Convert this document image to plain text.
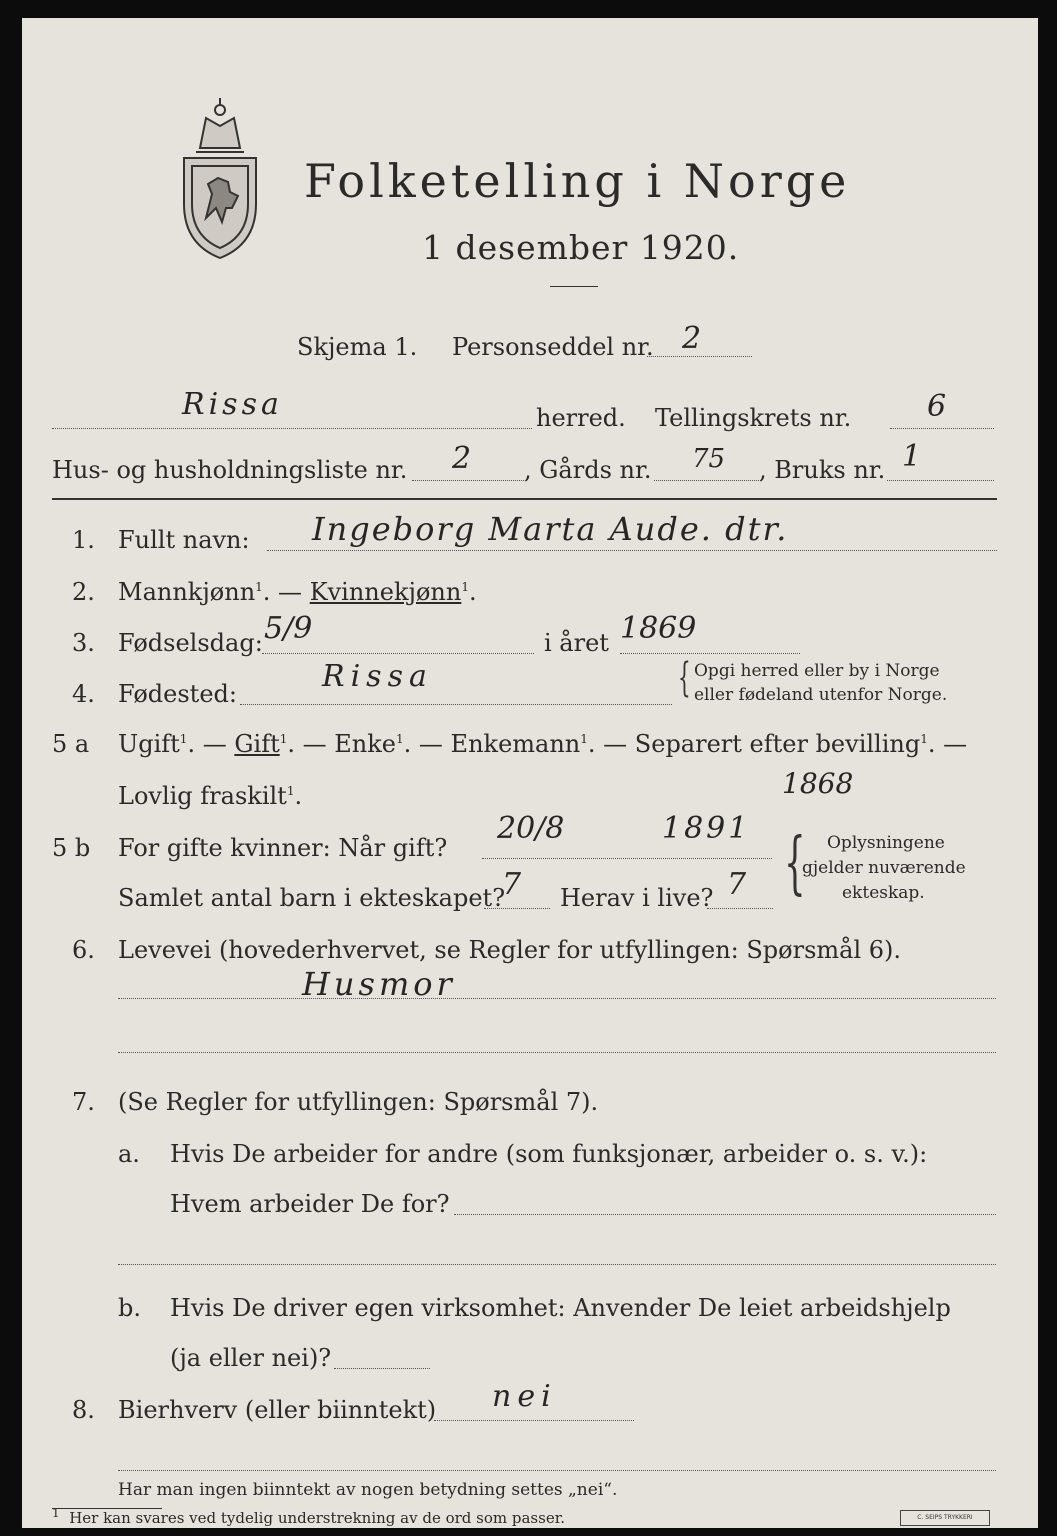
Folketelling i Norge
1 desember 1920.
Skjema 1. Personseddel nr. 2
Rissa	herred. Tellingskrets nr.	6
Hus- og husholdningsliste nr. 2 , Gårds nr. 75 , Bruks nr. 1
1. Fullt navn: Ingeborg Marta Aude. dtr.
2. Mannkjønn$^1$. — Kvinnekjønn$^1$.
3. Fødselsdag: 5/9	i året 1869
4. Fødested:	Rissa	{ Opgi herred eller by i Norge
eller fødeland utenfor Norge.
5 a Ugift$^1$. — Gift$^1$. — Enke$^1$. — Enkemann$^1$. — Separert efter bevilling$^1$. —
Lovlig fraskilt$^1$.	1868
5 b For gifte kvinner: Når gift?
20/8	1891
Samlet antal barn i ekteskapet?
7 Herav i live? 7 { Oplysningene
gjelder nuværende
ekteskap.
6. Levevei (hovederhvervet, se Regler for utfyllingen: Spørsmål 6).
Husmor
7. (Se Regler for utfyllingen: Spørsmål 7).
a. Hvis De arbeider for andre (som funksjonær, arbeider o. s. v.):
Hvem arbeider De for?
b. Hvis De driver egen virksomhet: Anvender De leiet arbeidshjelp
(ja eller nei)?
8. Bierhverv (eller biinntekt) nei
Har man ingen biinntekt av nogen betydning settes „nei“.
$^1$ Her kan svares ved tydelig understrekning av de ord som passer.	C. SEIPS TRYKKERI
